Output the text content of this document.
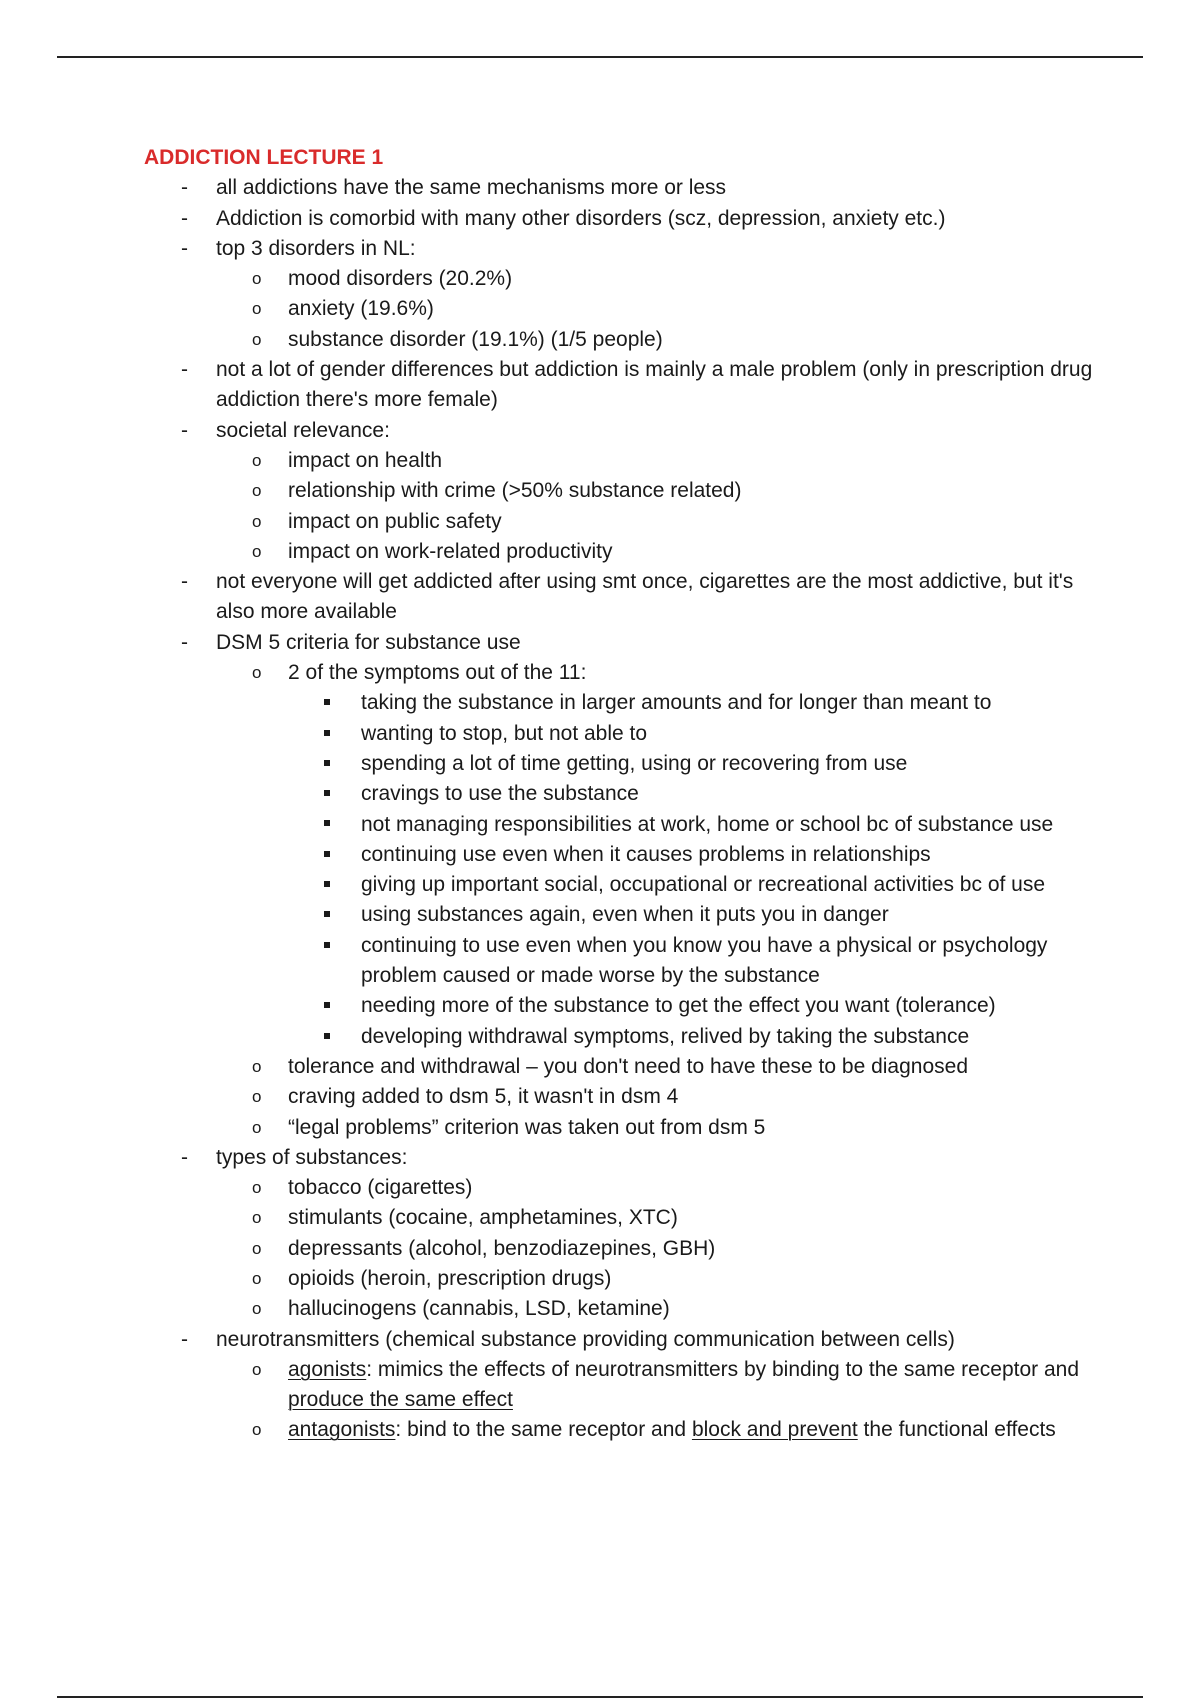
ADDICTION LECTURE 1
- all addictions have the same mechanisms more or less
- Addiction is comorbid with many other disorders (scz, depression, anxiety etc.)
- top 3 disorders in NL:
o mood disorders (20.2%)
o anxiety (19.6%)
o substance disorder (19.1%) (1/5 people)
- not a lot of gender differences but addiction is mainly a male problem (only in prescription drug addiction there's more female)
- societal relevance:
o impact on health
o relationship with crime (>50% substance related)
o impact on public safety
o impact on work-related productivity
- not everyone will get addicted after using smt once, cigarettes are the most addictive, but it's also more available
- DSM 5 criteria for substance use
o 2 of the symptoms out of the 11:
taking the substance in larger amounts and for longer than meant to
wanting to stop, but not able to
spending a lot of time getting, using or recovering from use
cravings to use the substance
not managing responsibilities at work, home or school bc of substance use
continuing use even when it causes problems in relationships
giving up important social, occupational or recreational activities bc of use
using substances again, even when it puts you in danger
continuing to use even when you know you have a physical or psychology problem caused or made worse by the substance
needing more of the substance to get the effect you want (tolerance)
developing withdrawal symptoms, relived by taking the substance
o tolerance and withdrawal – you don't need to have these to be diagnosed
o craving added to dsm 5, it wasn't in dsm 4
o “legal problems” criterion was taken out from dsm 5
- types of substances:
o tobacco (cigarettes)
o stimulants (cocaine, amphetamines, XTC)
o depressants (alcohol, benzodiazepines, GBH)
o opioids (heroin, prescription drugs)
o hallucinogens (cannabis, LSD, ketamine)
- neurotransmitters (chemical substance providing communication between cells)
o agonists: mimics the effects of neurotransmitters by binding to the same receptor and produce the same effect
o antagonists: bind to the same receptor and block and prevent the functional effects
